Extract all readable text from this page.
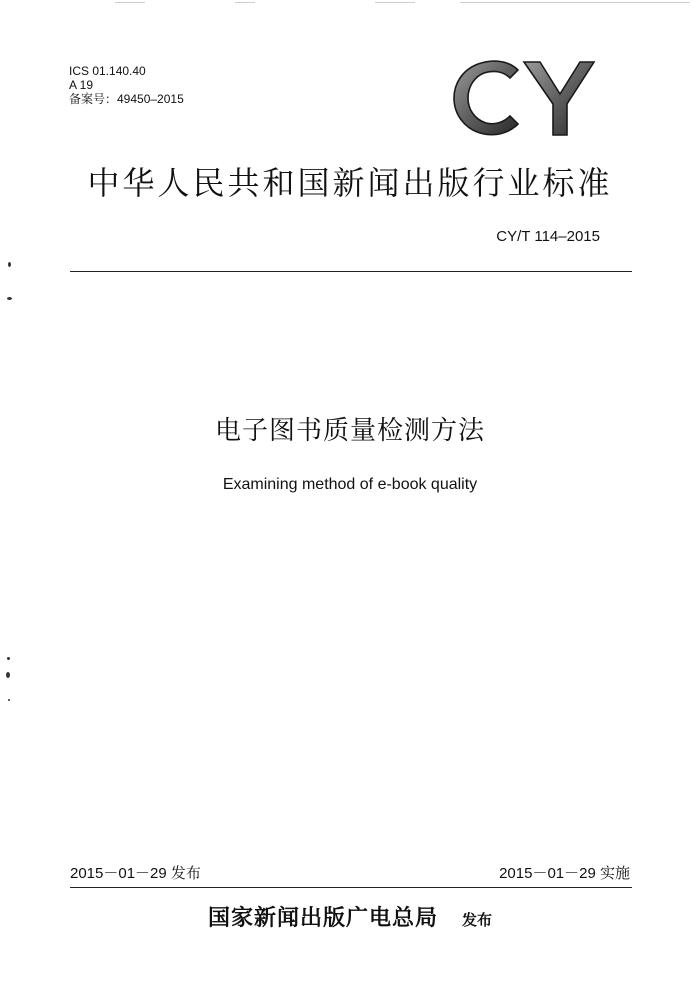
ICS 01.140.40
A 19
备案号：49450–2015
中华人民共和国新闻出版行业标准
CY/T 114–2015
电子图书质量检测方法
Examining method of e-book quality
2015－01－29 发布	2015－01－29 实施
国家新闻出版广电总局 发布
